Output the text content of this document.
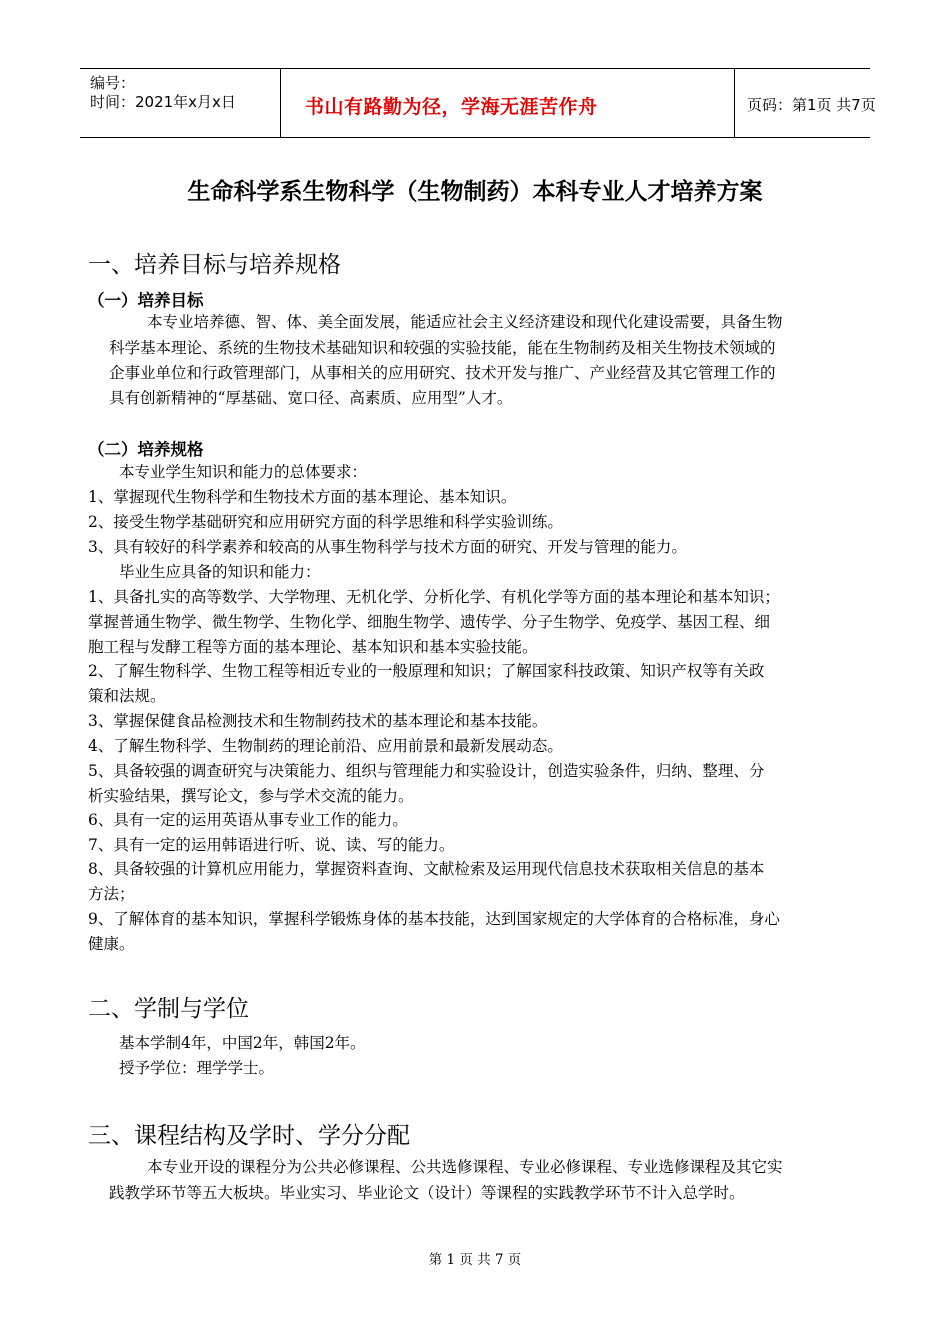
编号：
时间：2021年x月x日	书山有路勤为径，学海无涯苦作舟	页码：第1页 共7页
生命科学系生物科学（生物制药）本科专业人才培养方案
一、培养目标与培养规格
（一）培养目标
本专业培养德、智、体、美全面发展，能适应社会主义经济建设和现代化建设需要，具备生物
科学基本理论、系统的生物技术基础知识和较强的实验技能，能在生物制药及相关生物技术领域的
企事业单位和行政管理部门，从事相关的应用研究、技术开发与推广、产业经营及其它管理工作的
具有创新精神的“厚基础、宽口径、高素质、应用型”人才。
（二）培养规格
本专业学生知识和能力的总体要求：
1、掌握现代生物科学和生物技术方面的基本理论、基本知识。
2、接受生物学基础研究和应用研究方面的科学思维和科学实验训练。
3、具有较好的科学素养和较高的从事生物科学与技术方面的研究、开发与管理的能力。
毕业生应具备的知识和能力：
1、具备扎实的高等数学、大学物理、无机化学、分析化学、有机化学等方面的基本理论和基本知识；
掌握普通生物学、微生物学、生物化学、细胞生物学、遗传学、分子生物学、免疫学、基因工程、细
胞工程与发酵工程等方面的基本理论、基本知识和基本实验技能。
2、了解生物科学、生物工程等相近专业的一般原理和知识；了解国家科技政策、知识产权等有关政
策和法规。
3、掌握保健食品检测技术和生物制药技术的基本理论和基本技能。
4、了解生物科学、生物制药的理论前沿、应用前景和最新发展动态。
5、具备较强的调查研究与决策能力、组织与管理能力和实验设计，创造实验条件，归纳、整理、分
析实验结果，撰写论文，参与学术交流的能力。
6、具有一定的运用英语从事专业工作的能力。
7、具有一定的运用韩语进行听、说、读、写的能力。
8、具备较强的计算机应用能力，掌握资料查询、文献检索及运用现代信息技术获取相关信息的基本
方法；
9、了解体育的基本知识，掌握科学锻炼身体的基本技能，达到国家规定的大学体育的合格标准，身心
健康。
二、学制与学位
基本学制4年，中国2年，韩国2年。
授予学位：理学学士。
三、课程结构及学时、学分分配
本专业开设的课程分为公共必修课程、公共选修课程、专业必修课程、专业选修课程及其它实
践教学环节等五大板块。毕业实习、毕业论文（设计）等课程的实践教学环节不计入总学时。
第 1 页 共 7 页
